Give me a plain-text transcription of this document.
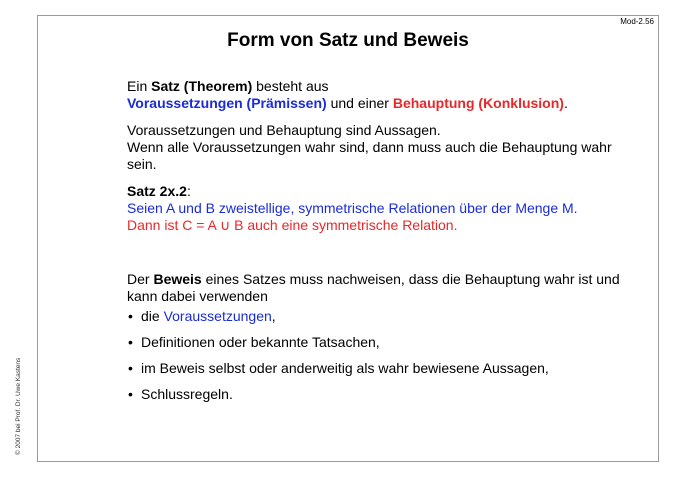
Mod-2.56
Form von Satz und Beweis
© 2007 bei Prof. Dr. Uwe Kastens

Ein Satz (Theorem) besteht aus
Voraussetzungen (Prämissen) und einer Behauptung (Konklusion).

Voraussetzungen und Behauptung sind Aussagen.
Wenn alle Voraussetzungen wahr sind, dann muss auch die Behauptung wahr sein.

Satz 2x.2:
Seien A und B zweistellige, symmetrische Relationen über der Menge M.
Dann ist C = A ∪ B auch eine symmetrische Relation.

Der Beweis eines Satzes muss nachweisen, dass die Behauptung wahr ist und kann dabei verwenden

• die Voraussetzungen,
• Definitionen oder bekannte Tatsachen,
• im Beweis selbst oder anderweitig als wahr bewiesene Aussagen,
• Schlussregeln.
